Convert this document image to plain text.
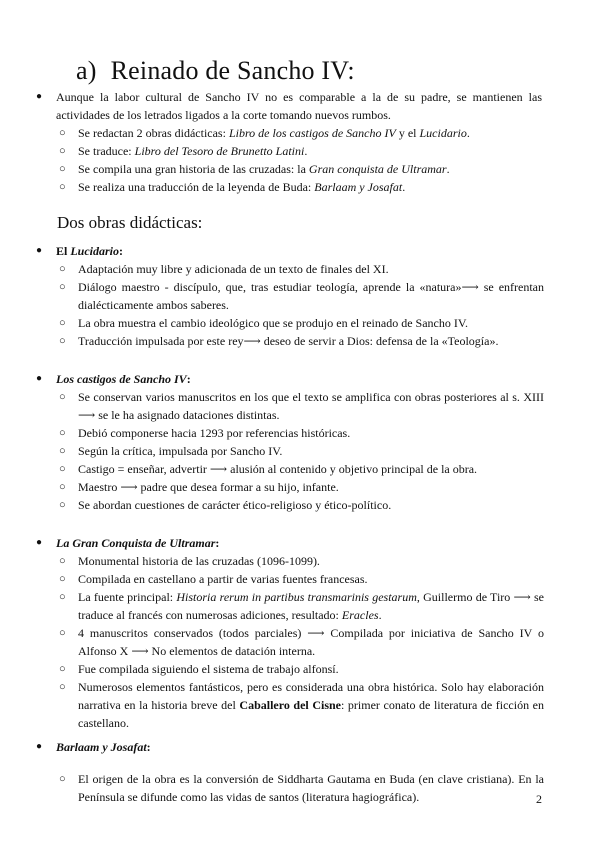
a) Reinado de Sancho IV:
●	Aunque la labor cultural de Sancho IV no es comparable a la de su padre, se mantienen las actividades de los letrados ligados a la corte tomando nuevos rumbos.
○ Se redactan 2 obras didácticas: Libro de los castigos de Sancho IV y el Lucidario.
○ Se traduce: Libro del Tesoro de Brunetto Latini.
○ Se compila una gran historia de las cruzadas: la Gran conquista de Ultramar.
○ Se realiza una traducción de la leyenda de Buda: Barlaam y Josafat.
Dos obras didácticas:
●	El Lucidario:
○ Adaptación muy libre y adicionada de un texto de finales del XI.
○ Diálogo maestro - discípulo, que, tras estudiar teología, aprende la «natura»⟶ se enfrentan dialécticamente ambos saberes.
○ La obra muestra el cambio ideológico que se produjo en el reinado de Sancho IV.
○ Traducción impulsada por este rey⟶ deseo de servir a Dios: defensa de la «Teología».
●	Los castigos de Sancho IV:
○ Se conservan varios manuscritos en los que el texto se amplifica con obras posteriores al s. XIII ⟶ se le ha asignado dataciones distintas.
○ Debió componerse hacia 1293 por referencias históricas.
○ Según la crítica, impulsada por Sancho IV.
○ Castigo = enseñar, advertir ⟶ alusión al contenido y objetivo principal de la obra.
○ Maestro ⟶ padre que desea formar a su hijo, infante.
○ Se abordan cuestiones de carácter ético-religioso y ético-político.
●	La Gran Conquista de Ultramar:
○ Monumental historia de las cruzadas (1096-1099).
○ Compilada en castellano a partir de varias fuentes francesas.
○ La fuente principal: Historia rerum in partibus transmarinis gestarum, Guillermo de Tiro ⟶ se traduce al francés con numerosas adiciones, resultado: Eracles.
○ 4 manuscritos conservados (todos parciales) ⟶ Compilada por iniciativa de Sancho IV o Alfonso X ⟶ No elementos de datación interna.
○ Fue compilada siguiendo el sistema de trabajo alfonsí.
○ Numerosos elementos fantásticos, pero es considerada una obra histórica. Solo hay elaboración narrativa en la historia breve del Caballero del Cisne: primer conato de literatura de ficción en castellano.
●	Barlaam y Josafat:
○ El origen de la obra es la conversión de Siddharta Gautama en Buda (en clave cristiana). En la Península se difunde como las vidas de santos (literatura hagiográfica).	2
